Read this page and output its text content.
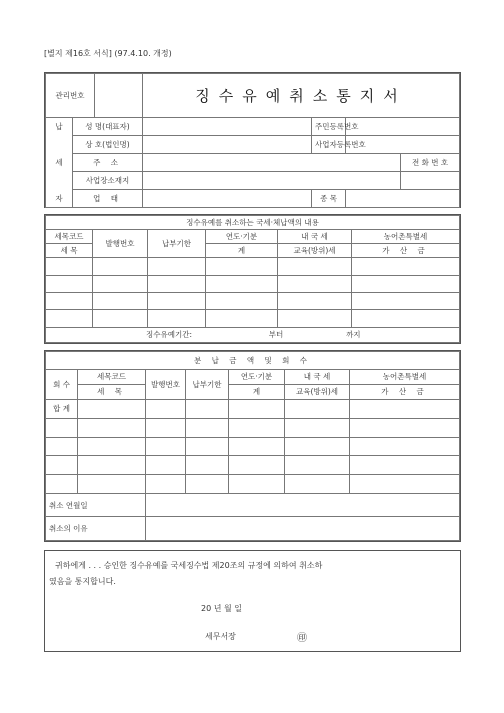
[별지 제16호 서식] (97.4.10. 개정)
관리번호			징수유예취소통지서			
납	성 명(대표자)			주민등록번호		
	상 호(법인명)			사업자등록번호		
세	주 소					전 화 번 호
	사업장소재지					
자	업 태			종 목		
징수유예를 취소하는 국세·체납액의 내용					
세목코드	발행번호	납부기한	연도·기분	내 국 세	농어촌특별세
세 목			계	교육(방위)세	가 산 금

징수유예기간: 부터 까지					
분 납 금 액 및 회 수						
회 수	세목코드	발행번호	납부기한	연도·기분	내 국 세	농어촌특별세
	세 목			계	교육(방위)세	가 산 금
합 계						

취소 연월일						
취소의 이유						

귀하에게 . . . 승인한 징수유예를 국세징수법 제20조의 규정에 의하여 취소하

였음을 통지합니다.

20 년 월 일

세무서장	㊞
